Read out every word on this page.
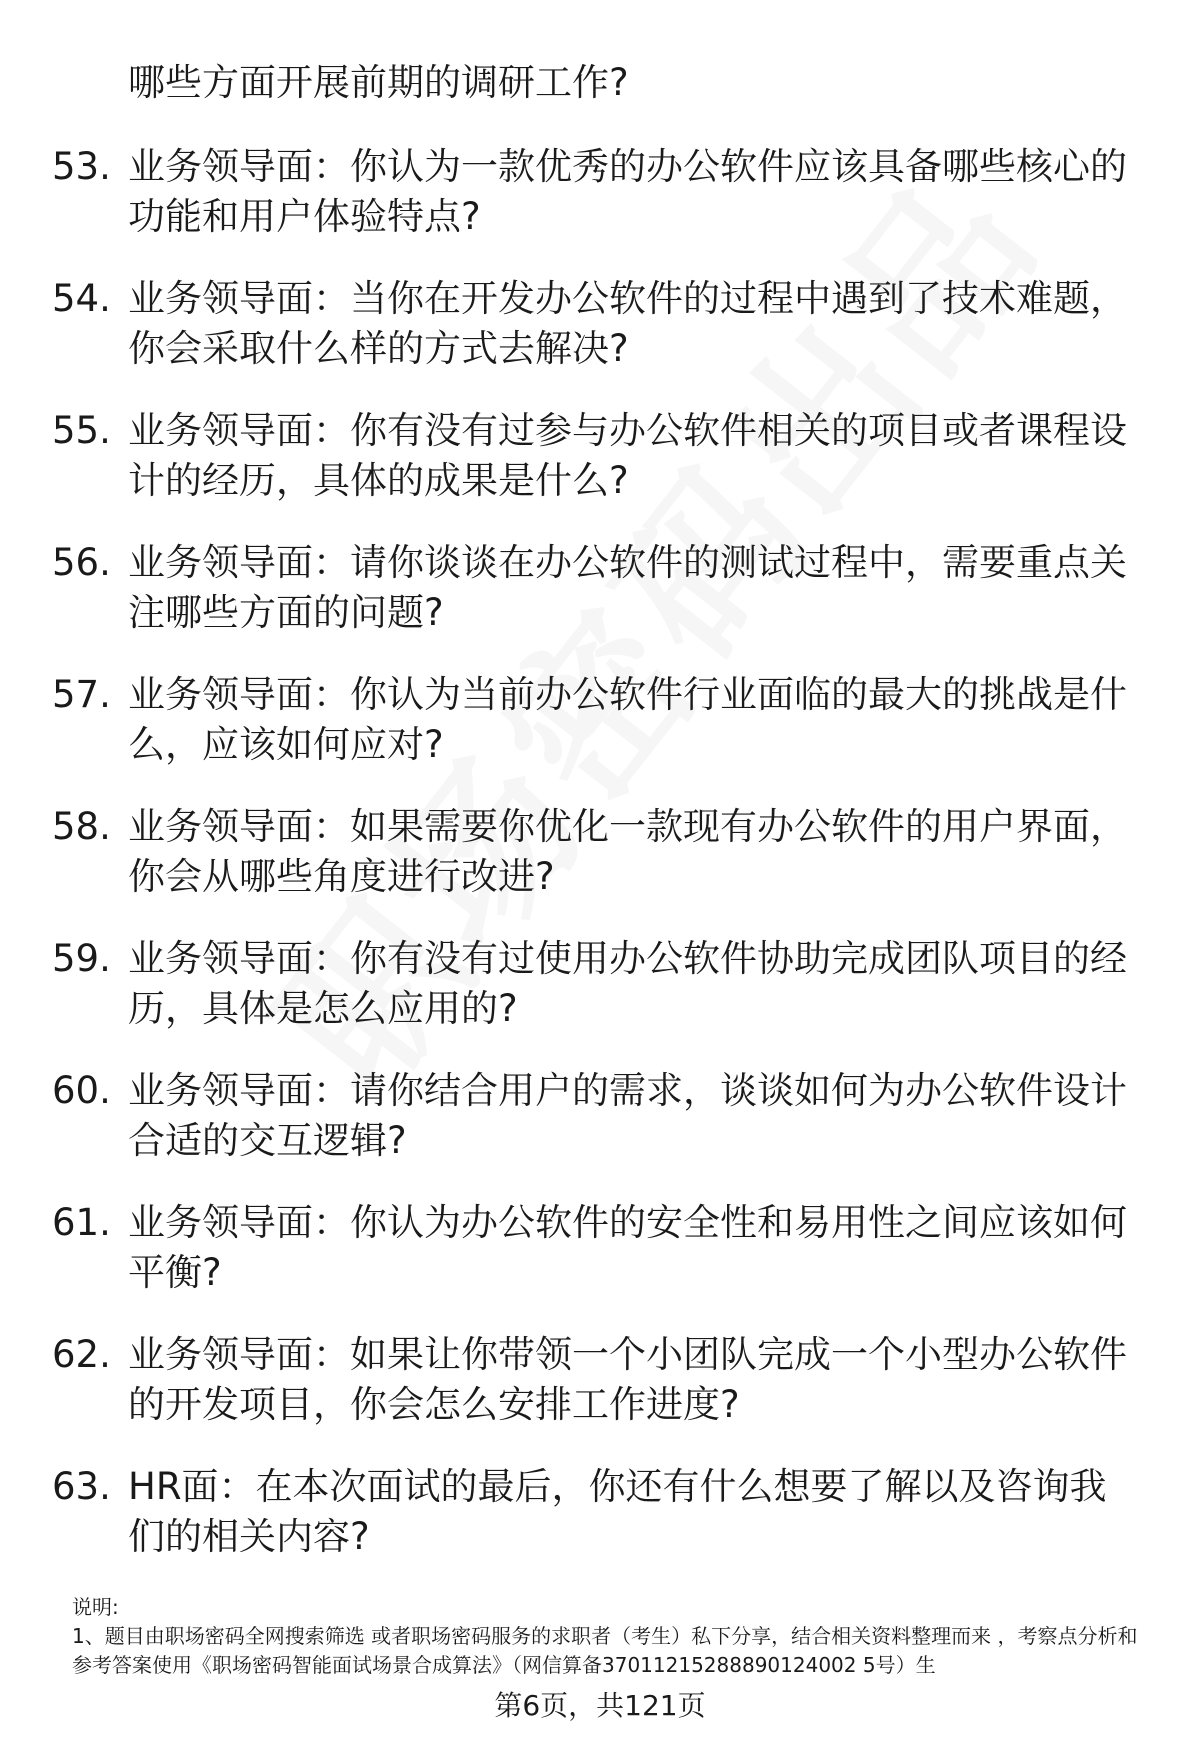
哪些方面开展前期的调研工作?
53. 业务领导面：你认为一款优秀的办公软件应该具备哪些核心的功能和用户体验特点?
54. 业务领导面：当你在开发办公软件的过程中遇到了技术难题，你会采取什么样的方式去解决?
55. 业务领导面：你有没有过参与办公软件相关的项目或者课程设计的经历，具体的成果是什么?
56. 业务领导面：请你谈谈在办公软件的测试过程中，需要重点关注哪些方面的问题?
57. 业务领导面：你认为当前办公软件行业面临的最大的挑战是什么，应该如何应对?
58. 业务领导面：如果需要你优化一款现有办公软件的用户界面，你会从哪些角度进行改进?
59. 业务领导面：你有没有过使用办公软件协助完成团队项目的经历，具体是怎么应用的?
60. 业务领导面：请你结合用户的需求，谈谈如何为办公软件设计合适的交互逻辑?
61. 业务领导面：你认为办公软件的安全性和易用性之间应该如何平衡?
62. 业务领导面：如果让你带领一个小团队完成一个小型办公软件的开发项目，你会怎么安排工作进度?
63. HR面：在本次面试的最后，你还有什么想要了解以及咨询我们的相关内容?
说明:
1、题目由职场密码全网搜索筛选 或者职场密码服务的求职者（考生）私下分享，结合相关资料整理而来 ，考察点分析和参考答案使用《职场密码智能面试场景合成算法》（网信算备37011215288890124002 5号）生
第6页，共121页
